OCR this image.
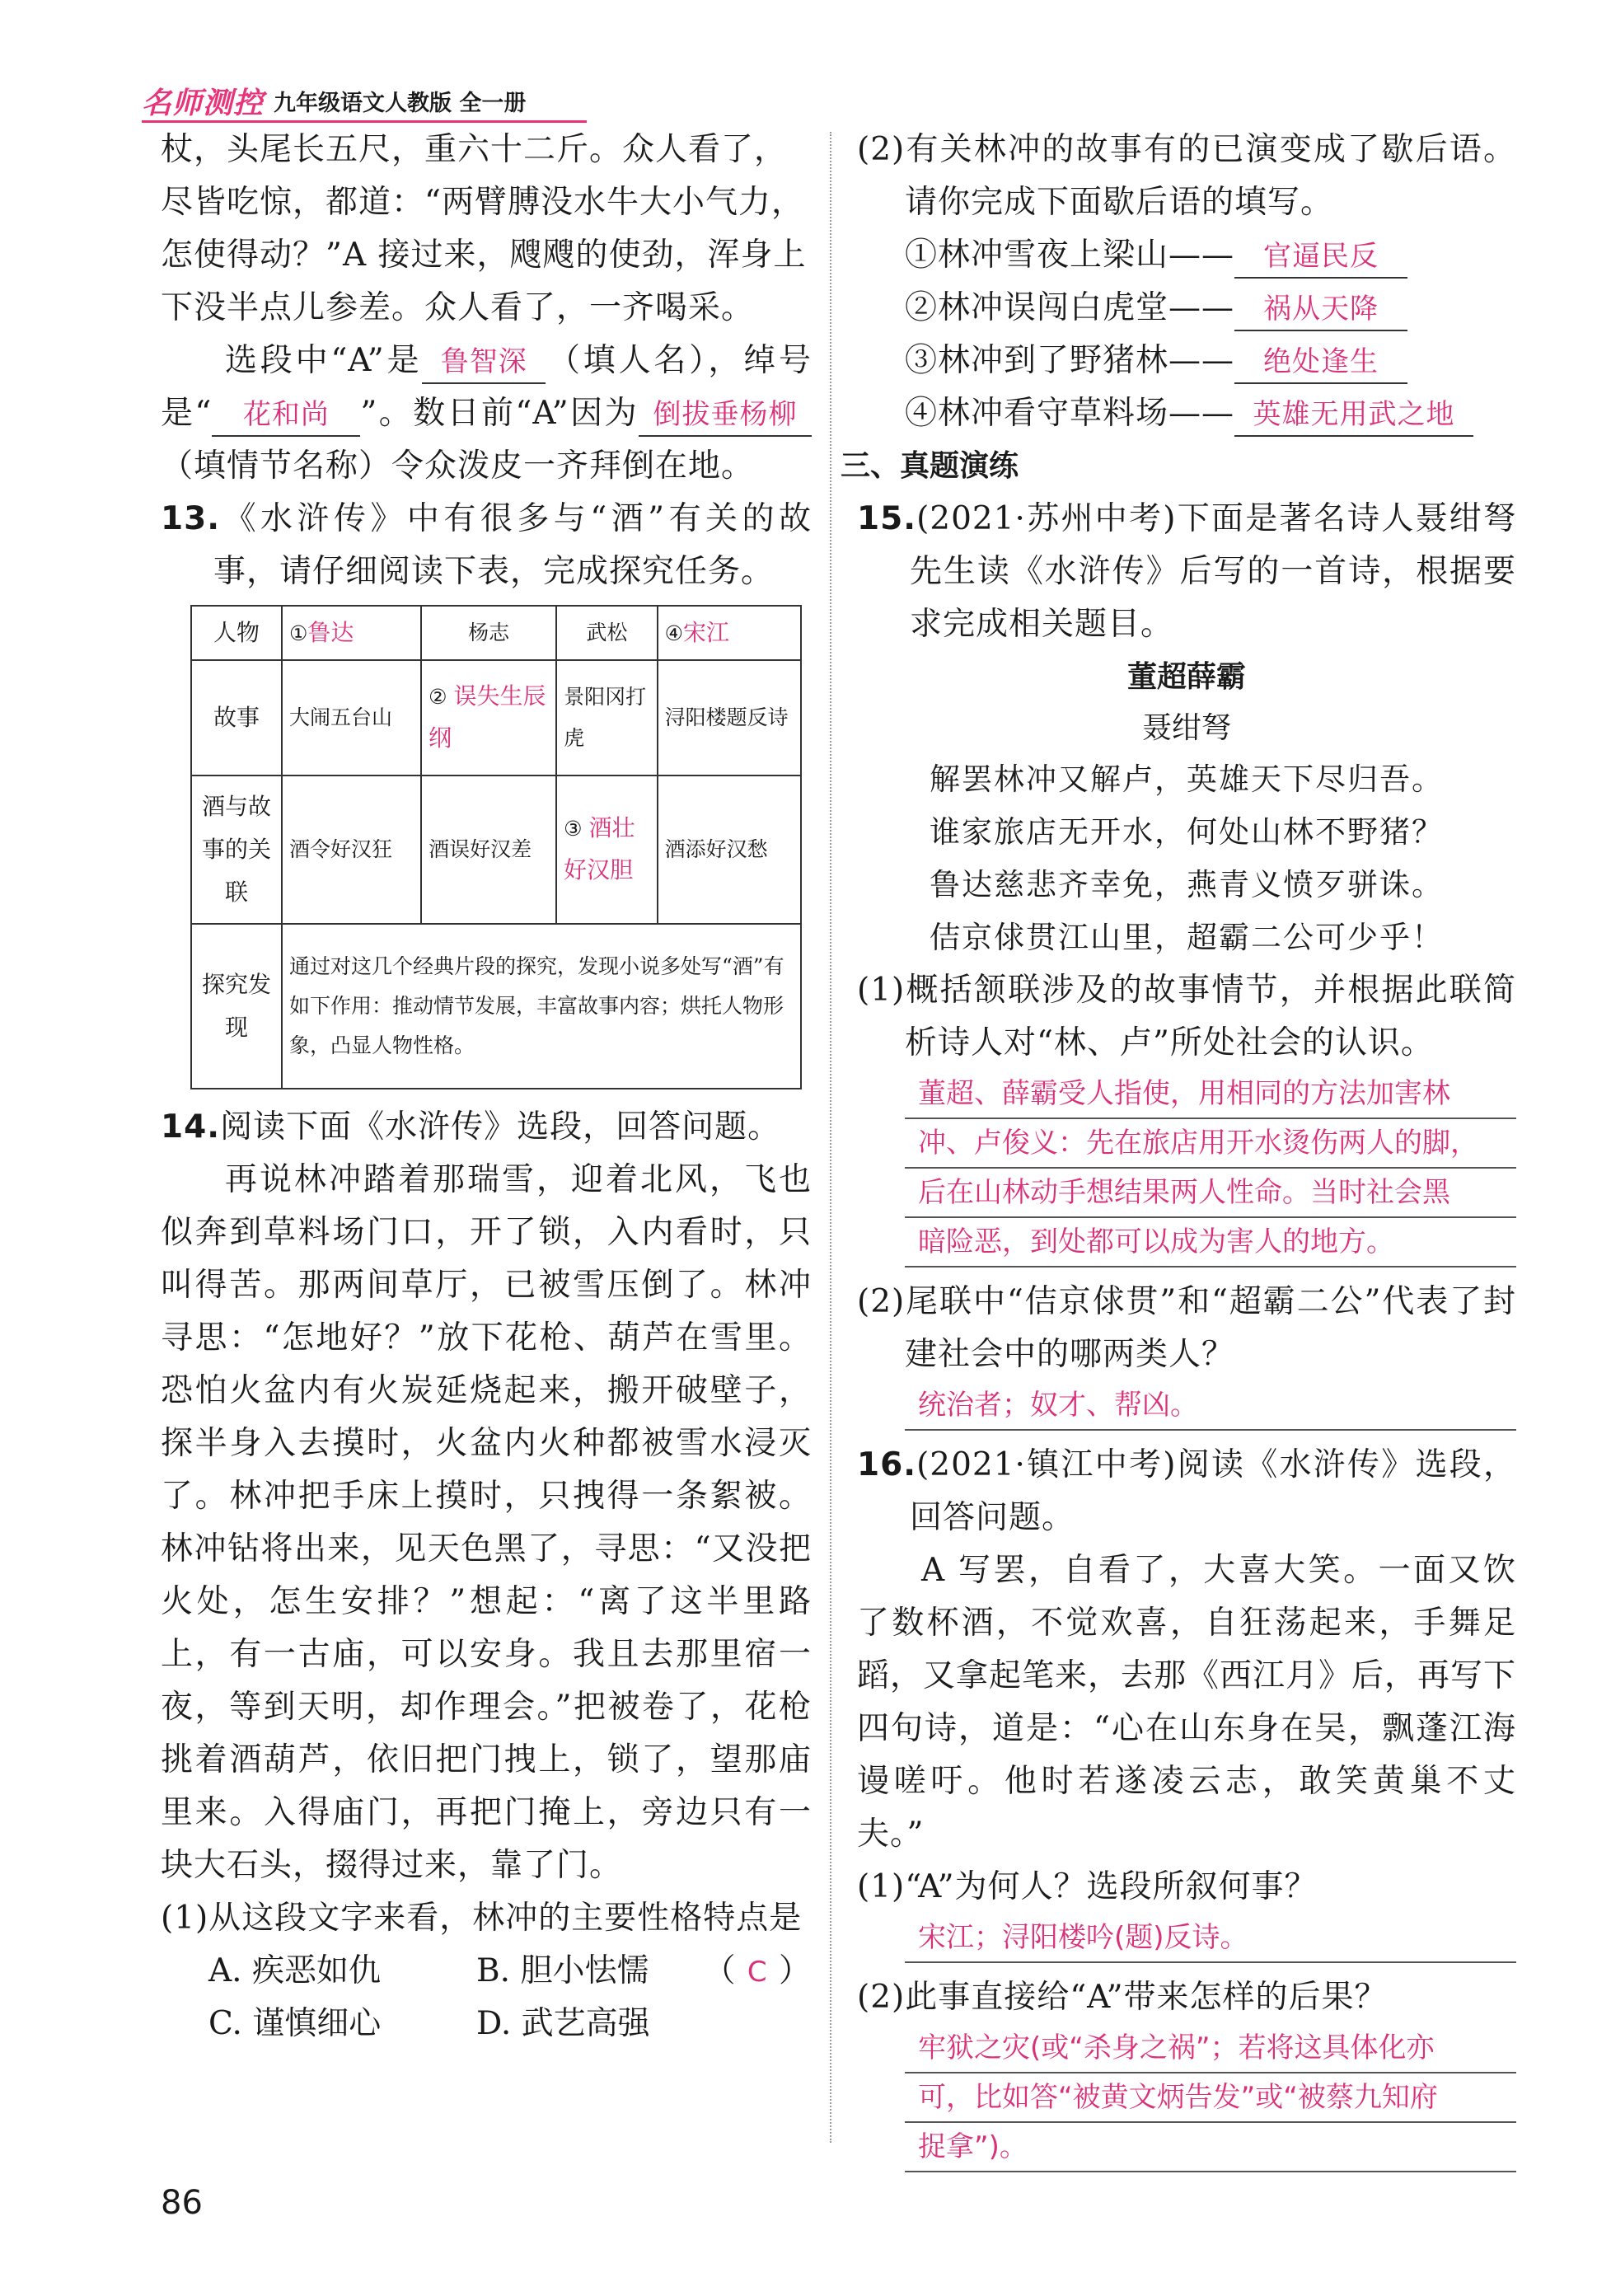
名师测控 九年级语文人教版 全一册

杖，头尾长五尺，重六十二斤。众人看了，

尽皆吃惊，都道：“两臂膊没水牛大小气力，

怎使得动？”A 接过来，飕飕的使劲，浑身上

下没半点儿参差。众人看了，一齐喝采。

选段中“A”是 鲁智深 （填人名），绰号是“ 花和尚 ”。数日前“A”因为 倒拔垂杨柳（填情节名称）令众泼皮一齐拜倒在地。

13.《水浒传》中有很多与“酒”有关的故事，请仔细阅读下表，完成探究任务。

人物	①鲁达	杨志	武松	④宋江
故事	大闹五台山	② 误失生辰纲	景阳冈打虎	浔阳楼题反诗
酒与故事的关联	酒令好汉狂	酒误好汉差	③ 酒壮好汉胆	酒添好汉愁
探究发现	通过对这几个经典片段的探究，发现小说多处写“酒”有如下作用：推动情节发展，丰富故事内容；烘托人物形象，凸显人物性格。			

14.阅读下面《水浒传》选段，回答问题。

再说林冲踏着那瑞雪，迎着北风，飞也似奔到草料场门口，开了锁，入内看时，只叫得苦。那两间草厅，已被雪压倒了。林冲寻思：“怎地好？”放下花枪、葫芦在雪里。恐怕火盆内有火炭延烧起来，搬开破壁子，探半身入去摸时，火盆内火种都被雪水浸灭了。林冲把手床上摸时，只拽得一条絮被。林冲钻将出来，见天色黑了，寻思：“又没把火处，怎生安排？”想起：“离了这半里路上，有一古庙，可以安身。我且去那里宿一夜，等到天明，却作理会。”把被卷了，花枪挑着酒葫芦，依旧把门拽上，锁了，望那庙里来。入得庙门，再把门掩上，旁边只有一块大石头，掇得过来，靠了门。

(1)从这段文字来看，林冲的主要性格特点是
（ C ）

A. 疾恶如仇	B. 胆小怯懦
C. 谨慎细心	D. 武艺高强

(2)有关林冲的故事有的已演变成了歇后语。请你完成下面歇后语的填写。

①林冲雪夜上梁山—— 官逼民反

②林冲误闯白虎堂—— 祸从天降

③林冲到了野猪林—— 绝处逢生

④林冲看守草料场—— 英雄无用武之地

三、真题演练

15.(2021·苏州中考)下面是著名诗人聂绀弩先生读《水浒传》后写的一首诗，根据要求完成相关题目。

董超薛霸
聂绀弩
解罢林冲又解卢，英雄天下尽归吾。
谁家旅店无开水，何处山林不野猪？
鲁达慈悲齐幸免，燕青义愤歹骈诛。
佶京俅贯江山里，超霸二公可少乎！

(1)概括颔联涉及的故事情节，并根据此联简析诗人对“林、卢”所处社会的认识。

董超、薛霸受人指使，用相同的方法加害林
冲、卢俊义：先在旅店用开水烫伤两人的脚，
后在山林动手想结果两人性命。当时社会黑
暗险恶，到处都可以成为害人的地方。

(2)尾联中“佶京俅贯”和“超霸二公”代表了封建社会中的哪两类人？

统治者；奴才、帮凶。

16.(2021·镇江中考)阅读《水浒传》选段，回答问题。

A 写罢，自看了，大喜大笑。一面又饮了数杯酒，不觉欢喜，自狂荡起来，手舞足蹈，又拿起笔来，去那《西江月》后，再写下四句诗，道是：“心在山东身在吴，飘蓬江海谩嗟吁。他时若遂凌云志，敢笑黄巢不丈夫。”

(1)“A”为何人？选段所叙何事？

宋江；浔阳楼吟(题)反诗。

(2)此事直接给“A”带来怎样的后果？

牢狱之灾(或“杀身之祸”；若将这具体化亦
可，比如答“被黄文炳告发”或“被蔡九知府
捉拿”)。
86
